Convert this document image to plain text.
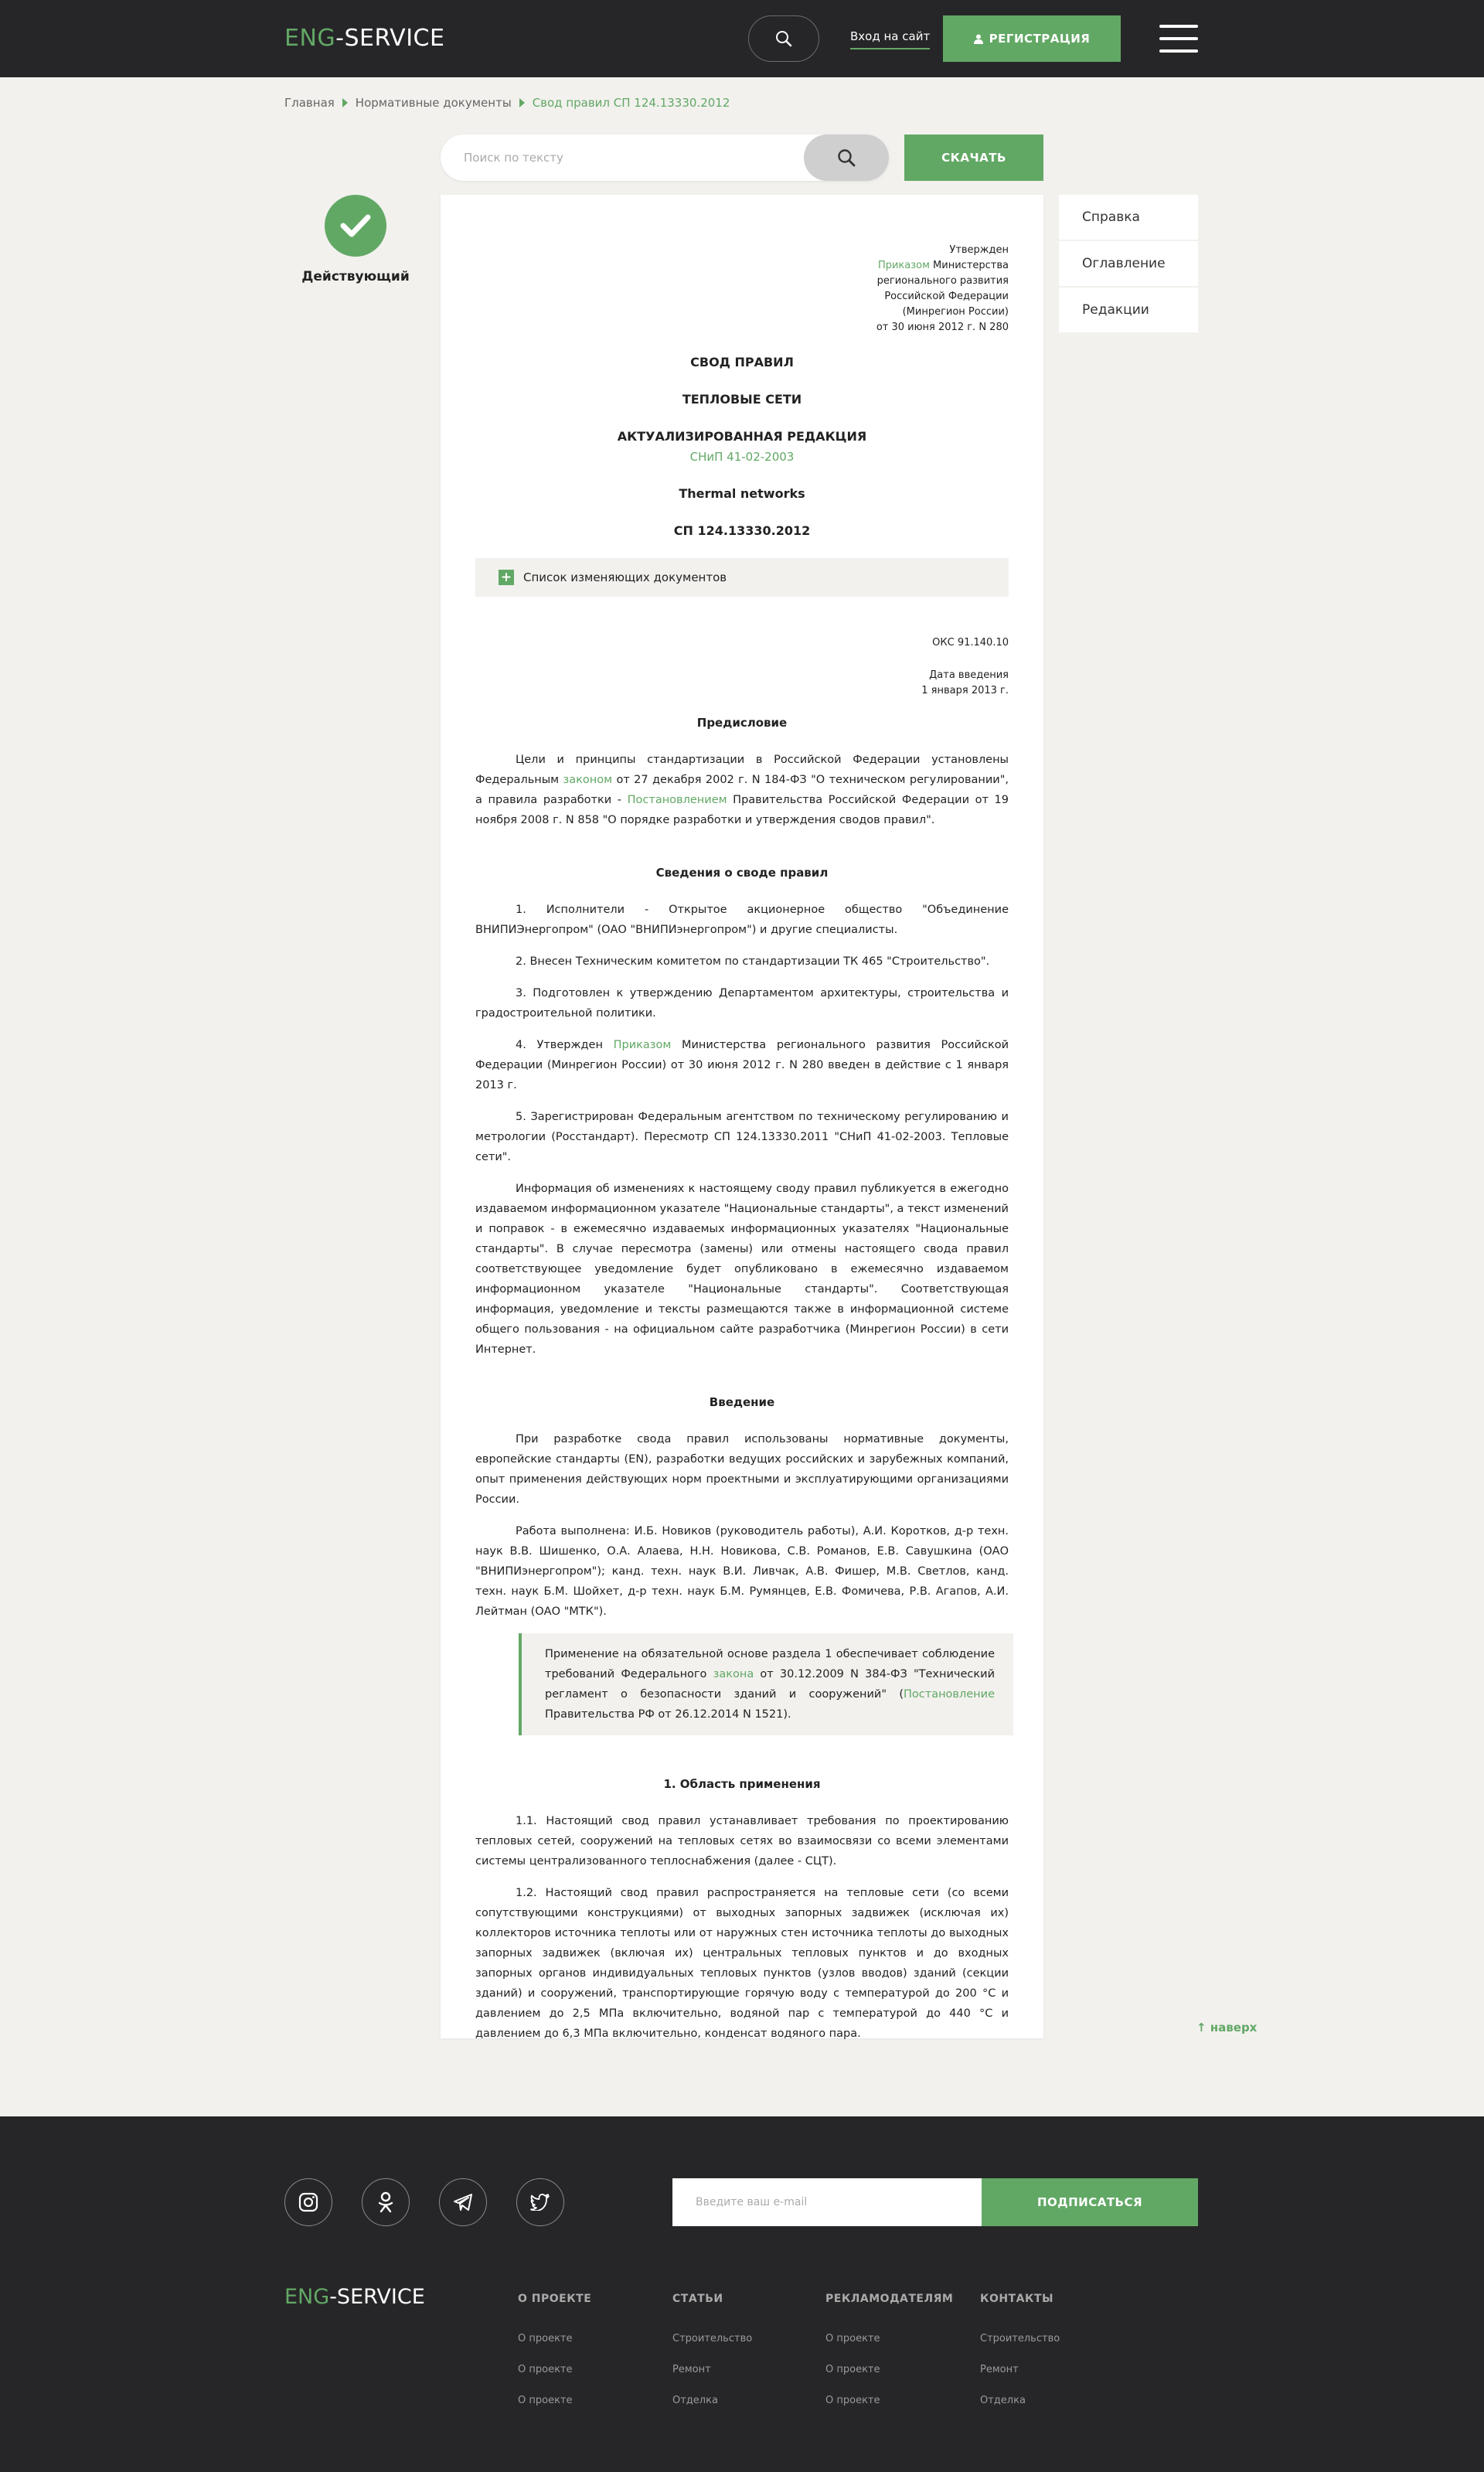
ENG-SERVICE	Вход на сайт	РЕГИСТРАЦИЯ
Главная Нормативные документы Свод правил СП 124.13330.2012
Поиск по тексту
СКАЧАТЬ
Действующий
Справка
Оглавление
Редакции
Утвержден
Приказом Министерства
регионального развития
Российской Федерации
(Минрегион России)
от 30 июня 2012 г. N 280
СВОД ПРАВИЛ
ТЕПЛОВЫЕ СЕТИ
АКТУАЛИЗИРОВАННАЯ РЕДАКЦИЯ
СНиП 41-02-2003
Thermal networks
СП 124.13330.2012
+ Список изменяющих документов
ОКС 91.140.10
Дата введения
1 января 2013 г.
Предисловие

Цели и принципы стандартизации в Российской Федерации установлены Федеральным законом от 27 декабря 2002 г. N 184-ФЗ "О техническом регулировании", а правила разработки - Постановлением Правительства Российской Федерации от 19 ноября 2008 г. N 858 "О порядке разработки и утверждения сводов правил".

Сведения о своде правил

1. Исполнители - Открытое акционерное общество "Объединение ВНИПИЭнергопром" (ОАО "ВНИПИэнергопром") и другие специалисты.

2. Внесен Техническим комитетом по стандартизации ТК 465 "Строительство".

3. Подготовлен к утверждению Департаментом архитектуры, строительства и градостроительной политики.

4. Утвержден Приказом Министерства регионального развития Российской Федерации (Минрегион России) от 30 июня 2012 г. N 280 введен в действие с 1 января 2013 г.

5. Зарегистрирован Федеральным агентством по техническому регулированию и метрологии (Росстандарт). Пересмотр СП 124.13330.2011 "СНиП 41-02-2003. Тепловые сети".

Информация об изменениях к настоящему своду правил публикуется в ежегодно издаваемом информационном указателе "Национальные стандарты", а текст изменений и поправок - в ежемесячно издаваемых информационных указателях "Национальные стандарты". В случае пересмотра (замены) или отмены настоящего свода правил соответствующее уведомление будет опубликовано в ежемесячно издаваемом информационном указателе "Национальные стандарты". Соответствующая информация, уведомление и тексты размещаются также в информационной системе общего пользования - на официальном сайте разработчика (Минрегион России) в сети Интернет.

Введение

При разработке свода правил использованы нормативные документы, европейские стандарты (EN), разработки ведущих российских и зарубежных компаний, опыт применения действующих норм проектными и эксплуатирующими организациями России.

Работа выполнена: И.Б. Новиков (руководитель работы), А.И. Коротков, д-р техн. наук В.В. Шишенко, О.А. Алаева, Н.Н. Новикова, С.В. Романов, Е.В. Савушкина (ОАО "ВНИПИэнергопром"); канд. техн. наук В.И. Ливчак, А.В. Фишер, М.В. Светлов, канд. техн. наук Б.М. Шойхет, д-р техн. наук Б.М. Румянцев, Е.В. Фомичева, Р.В. Агапов, А.И. Лейтман (ОАО "МТК").

Применение на обязательной основе раздела 1 обеспечивает соблюдение требований Федерального закона от 30.12.2009 N 384-ФЗ "Технический регламент о безопасности зданий и сооружений" (Постановление Правительства РФ от 26.12.2014 N 1521).
1. Область применения

1.1. Настоящий свод правил устанавливает требования по проектированию тепловых сетей, сооружений на тепловых сетях во взаимосвязи со всеми элементами системы централизованного теплоснабжения (далее - СЦТ).

1.2. Настоящий свод правил распространяется на тепловые сети (со всеми сопутствующими конструкциями) от выходных запорных задвижек (исключая их) коллекторов источника теплоты или от наружных стен источника теплоты до выходных запорных задвижек (включая их) центральных тепловых пунктов и до входных запорных органов индивидуальных тепловых пунктов (узлов вводов) зданий (секции зданий) и сооружений, транспортирующие горячую воду с температурой до 200 °С и давлением до 2,5 МПа включительно, водяной пар с температурой до 440 °С и давлением до 6,3 МПа включительно, конденсат водяного пара.	↑ наверх
Введите ваш e-mail
ПОДПИСАТЬСЯ
ENG-SERVICE	О ПРОЕКТЕ
О проекте
О проекте
О проекте
СТАТЬИ
Строительство
Ремонт
Отделка
РЕКЛАМОДАТЕЛЯМ
О проекте
О проекте
О проекте
КОНТАКТЫ
Строительство
Ремонт
Отделка
